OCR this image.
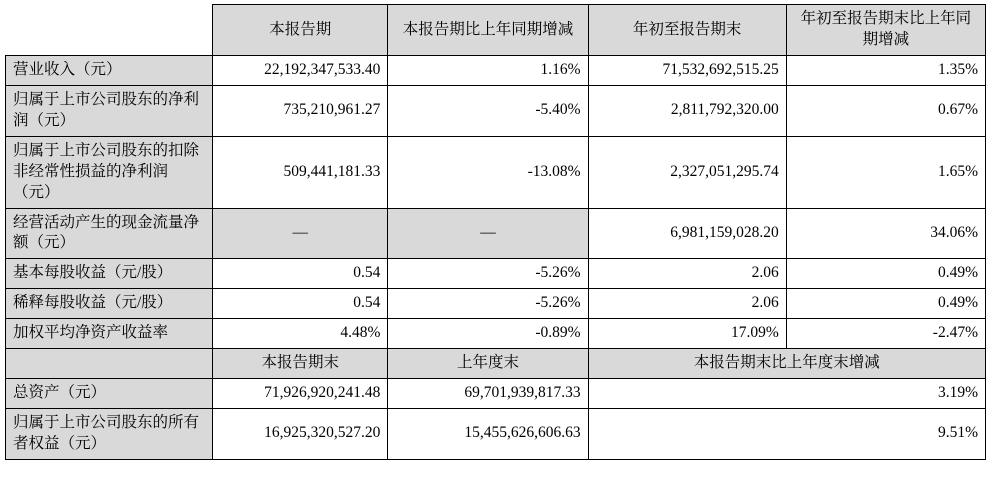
	本报告期	本报告期比上年同期增减	年初至报告期末	年初至报告期末比上年同期增减
营业收入（元）	22,192,347,533.40	1.16%	71,532,692,515.25	1.35%
归属于上市公司股东的净利润（元）	735,210,961.27	-5.40%	2,811,792,320.00	0.67%
归属于上市公司股东的扣除非经常性损益的净利润（元）	509,441,181.33	-13.08%	2,327,051,295.74	1.65%
经营活动产生的现金流量净额（元）	—	—	6,981,159,028.20	34.06%
基本每股收益（元/股）	0.54	-5.26%	2.06	0.49%
稀释每股收益（元/股）	0.54	-5.26%	2.06	0.49%
加权平均净资产收益率	4.48%	-0.89%	17.09%	-2.47%
	本报告期末	上年度末	本报告期末比上年度末增减	
总资产（元）	71,926,920,241.48	69,701,939,817.33	3.19%	
归属于上市公司股东的所有者权益（元）	16,925,320,527.20	15,455,626,606.63	9.51%	
